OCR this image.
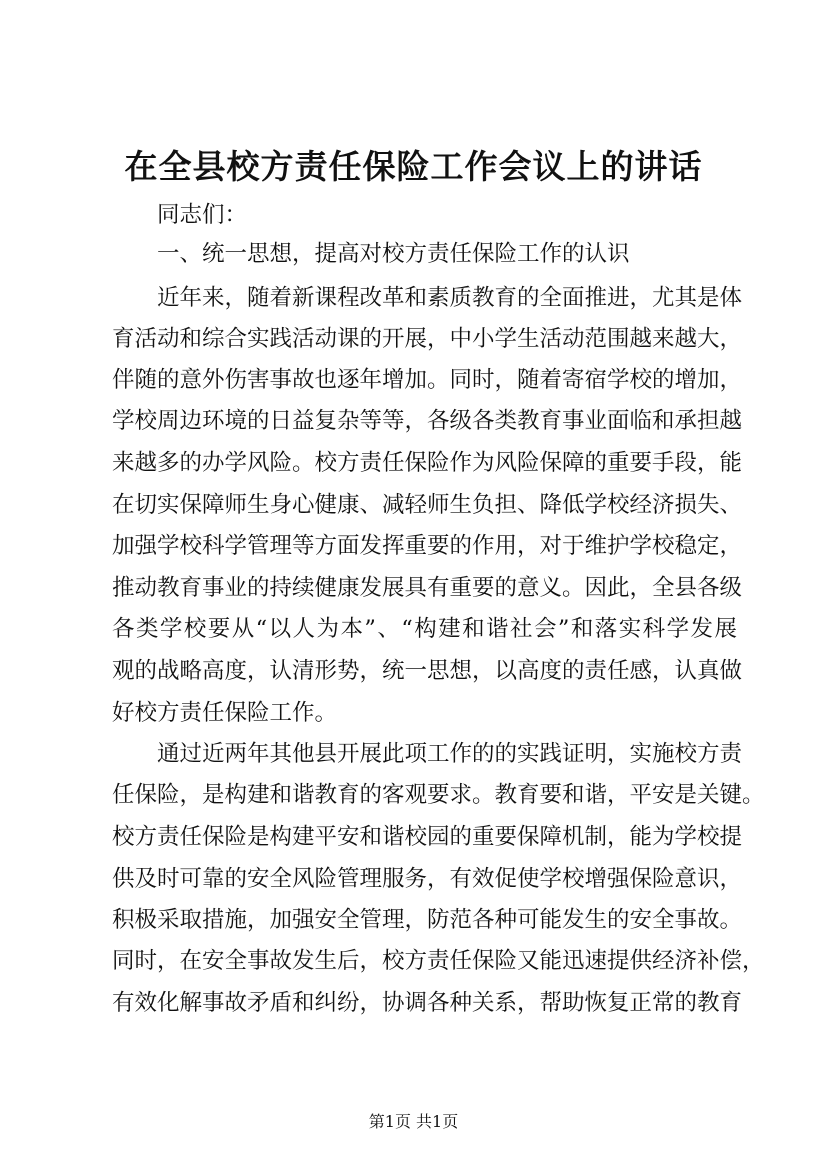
在全县校方责任保险工作会议上的讲话

同志们：

一、统一思想，提高对校方责任保险工作的认识

近年来，随着新课程改革和素质教育的全面推进，尤其是体

育活动和综合实践活动课的开展，中小学生活动范围越来越大，

伴随的意外伤害事故也逐年增加。同时，随着寄宿学校的增加，

学校周边环境的日益复杂等等，各级各类教育事业面临和承担越

来越多的办学风险。校方责任保险作为风险保障的重要手段，能

在切实保障师生身心健康、减轻师生负担、降低学校经济损失、

加强学校科学管理等方面发挥重要的作用，对于维护学校稳定，

推动教育事业的持续健康发展具有重要的意义。因此，全县各级

各类学校要从“以人为本”、“构建和谐社会”和落实科学发展

观的战略高度，认清形势，统一思想，以高度的责任感，认真做

好校方责任保险工作。

通过近两年其他县开展此项工作的的实践证明，实施校方责

任保险，是构建和谐教育的客观要求。教育要和谐，平安是关键。

校方责任保险是构建平安和谐校园的重要保障机制，能为学校提

供及时可靠的安全风险管理服务，有效促使学校增强保险意识，

积极采取措施，加强安全管理，防范各种可能发生的安全事故。

同时，在安全事故发生后，校方责任保险又能迅速提供经济补偿，

有效化解事故矛盾和纠纷，协调各种关系，帮助恢复正常的教育

第1页 共1页
